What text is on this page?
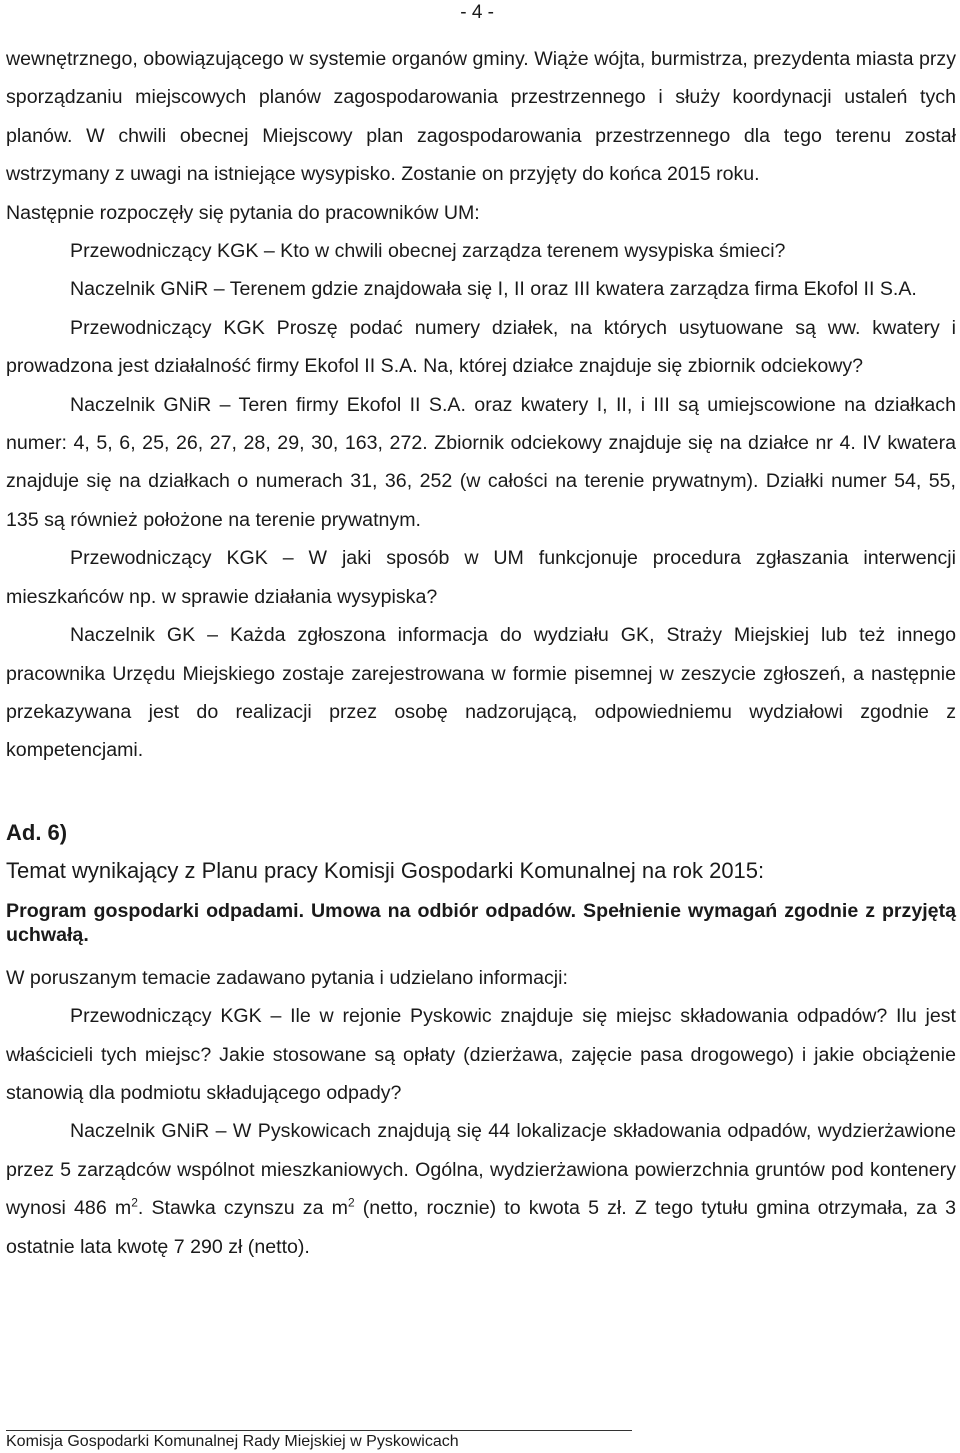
- 4 -

wewnętrznego, obowiązującego w systemie organów gminy. Wiąże wójta, burmistrza, prezydenta miasta przy sporządzaniu miejscowych planów zagospodarowania przestrzennego i służy koordynacji ustaleń tych planów. W chwili obecnej Miejscowy plan zagospodarowania przestrzennego dla tego terenu został wstrzymany z uwagi na istniejące wysypisko. Zostanie on przyjęty do końca 2015 roku.

Następnie rozpoczęły się pytania do pracowników UM:

Przewodniczący KGK – Kto w chwili obecnej zarządza terenem wysypiska śmieci?

Naczelnik GNiR – Terenem gdzie znajdowała się I, II oraz III kwatera zarządza firma Ekofol II S.A.

Przewodniczący KGK Proszę podać numery działek, na których usytuowane są ww. kwatery i prowadzona jest działalność firmy Ekofol II S.A. Na, której działce znajduje się zbiornik odciekowy?

Naczelnik GNiR – Teren firmy Ekofol II S.A. oraz kwatery I, II, i III są umiejscowione na działkach numer: 4, 5, 6, 25, 26, 27, 28, 29, 30, 163, 272. Zbiornik odciekowy znajduje się na działce nr 4. IV kwatera znajduje się na działkach o numerach 31, 36, 252 (w całości na terenie prywatnym). Działki numer 54, 55, 135 są również położone na terenie prywatnym.

Przewodniczący KGK – W jaki sposób w UM funkcjonuje procedura zgłaszania interwencji mieszkańców np. w sprawie działania wysypiska?

Naczelnik GK – Każda zgłoszona informacja do wydziału GK, Straży Miejskiej lub też innego pracownika Urzędu Miejskiego zostaje zarejestrowana w formie pisemnej w zeszycie zgłoszeń, a następnie przekazywana jest do realizacji przez osobę nadzorującą, odpowiedniemu wydziałowi zgodnie z kompetencjami.

Ad. 6)

Temat wynikający z Planu pracy Komisji Gospodarki Komunalnej na rok 2015:

Program gospodarki odpadami. Umowa na odbiór odpadów. Spełnienie wymagań zgodnie z przyjętą uchwałą.

W poruszanym temacie zadawano pytania i udzielano informacji:

Przewodniczący KGK – Ile w rejonie Pyskowic znajduje się miejsc składowania odpadów? Ilu jest właścicieli tych miejsc? Jakie stosowane są opłaty (dzierżawa, zajęcie pasa drogowego) i jakie obciążenie stanowią dla podmiotu składującego odpady?

Naczelnik GNiR – W Pyskowicach znajdują się 44 lokalizacje składowania odpadów, wydzierżawione przez 5 zarządców wspólnot mieszkaniowych. Ogólna, wydzierżawiona powierzchnia gruntów pod kontenery wynosi 486 $m^2$. Stawka czynszu za $m^2$ (netto, rocznie) to kwota 5 zł. Z tego tytułu gmina otrzymała, za 3 ostatnie lata kwotę 7 290 zł (netto).

Komisja Gospodarki Komunalnej Rady Miejskiej w Pyskowicach
